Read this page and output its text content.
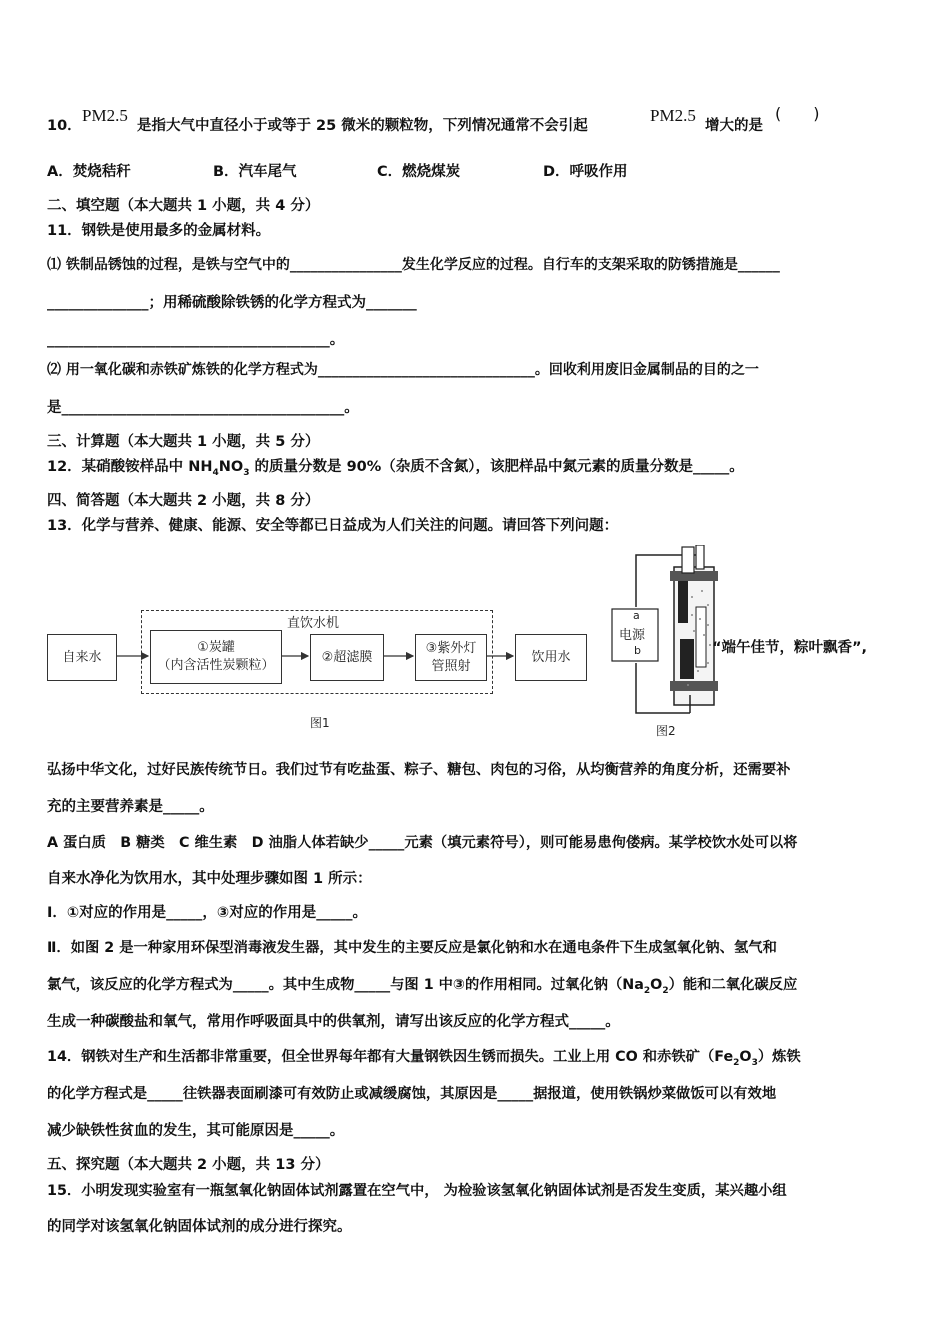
10．
PM2.5
是指大气中直径小于或等于 25 微米的颗粒物，下列情况通常不会引起
PM2.5
增大的是
(　　)
A．焚烧秸秆	B．汽车尾气	C．燃烧煤炭	D．呼吸作用
二、填空题（本大题共 1 小题，共 4 分）
11．钢铁是使用最多的金属材料。
⑴ 铁制品锈蚀的过程，是铁与空气中的________________发生化学反应的过程。自行车的支架采取的防锈措施是______
______________；用稀硫酸除铁锈的化学方程式为_______
_______________________________________。
⑵ 用一氧化碳和赤铁矿炼铁的化学方程式为_______________________________。回收利用废旧金属制品的目的之一
是_______________________________________。
三、计算题（本大题共 1 小题，共 5 分）
12．某硝酸铵样品中 $NH_4NO_3$ 的质量分数是 90%（杂质不含氮），该肥样品中氮元素的质量分数是_____。
四、简答题（本大题共 2 小题，共 8 分）
13．化学与营养、健康、能源、安全等都已日益成为人们关注的问题。请回答下列问题：
自来水
直饮水机
①炭罐
（内含活性炭颗粒）
②超滤膜
③紫外灯
管照射
饮用水
图1
a
电源
b
图2
“端午佳节，粽叶飘香”,
弘扬中华文化，过好民族传统节日。我们过节有吃盐蛋、粽子、糖包、肉包的习俗，从均衡营养的角度分析，还需要补
充的主要营养素是_____。
A 蛋白质　B 糖类　C 维生素　D 油脂人体若缺少_____元素（填元素符号），则可能易患佝偻病。某学校饮水处可以将
自来水净化为饮用水，其中处理步骤如图 1 所示：
I．①对应的作用是_____，③对应的作用是_____。
Ⅱ．如图 2 是一种家用环保型消毒液发生器，其中发生的主要反应是氯化钠和水在通电条件下生成氢氧化钠、氢气和
氯气，该反应的化学方程式为_____。其中生成物_____与图 1 中③的作用相同。过氧化钠$(Na_2O_2)$能和二氧化碳反应
生成一种碳酸盐和氧气，常用作呼吸面具中的供氧剂，请写出该反应的化学方程式_____。
14．钢铁对生产和生活都非常重要，但全世界每年都有大量钢铁因生锈而损失。工业上用 CO 和赤铁矿$(Fe_2O_3)$炼铁
的化学方程式是_____往铁器表面刷漆可有效防止或减缓腐蚀，其原因是_____据报道，使用铁锅炒菜做饭可以有效地
减少缺铁性贫血的发生，其可能原因是_____。
五、探究题（本大题共 2 小题，共 13 分）
15．小明发现实验室有一瓶氢氧化钠固体试剂露置在空气中， 为检验该氢氧化钠固体试剂是否发生变质，某兴趣小组
的同学对该氢氧化钠固体试剂的成分进行探究。
